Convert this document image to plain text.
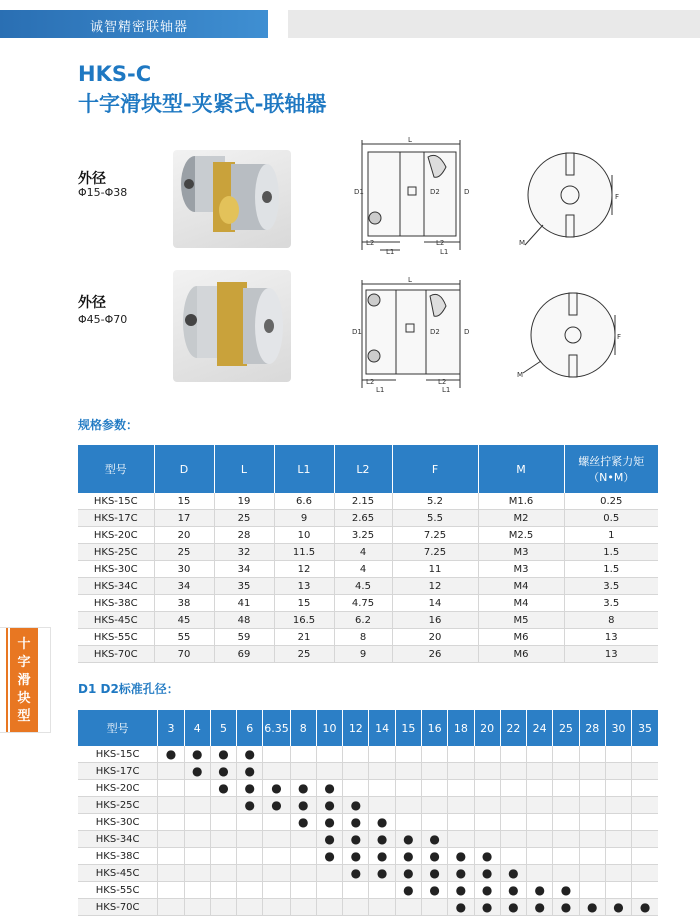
诚智精密联轴器
HKS-C
十字滑块型-夹紧式-联轴器
外径
Φ15-Φ38
L
L2
L1
L2
L1
D1	D2	D
F
M
外径
Φ45-Φ70
L
L2
L1
L2
L1
D1	D2	D
F
M
规格参数：
型号	D	L	L1	L2	F	M	螺丝拧紧力矩
（N•M）

HKS-15C	15	19	6.6	2.15	5.2	M1.6	0.25
HKS-17C	17	25	9	2.65	5.5	M2	0.5
HKS-20C	20	28	10	3.25	7.25	M2.5	1
HKS-25C	25	32	11.5	4	7.25	M3	1.5
HKS-30C	30	34	12	4	11	M3	1.5
HKS-34C	34	35	13	4.5	12	M4	3.5
HKS-38C	38	41	15	4.75	14	M4	3.5
HKS-45C	45	48	16.5	6.2	16	M5	8
HKS-55C	55	59	21	8	20	M6	13
HKS-70C	70	69	25	9	26	M6	13
D1 D2标准孔径：
型号	3	4	5	6	6.35	8	10	12	14	15	16	18	20	22	24	25	28	30	35
HKS-15C	●	●	●	●															
HKS-17C		●	●	●															
HKS-20C			●	●	●	●	●												
HKS-25C				●	●	●	●	●											
HKS-30C						●	●	●	●										
HKS-34C							●	●	●	●	●								
HKS-38C							●	●	●	●	●	●	●						
HKS-45C								●	●	●	●	●	●	●					
HKS-55C										●	●	●	●	●	●	●			
HKS-70C												●	●	●	●	●	●	●	●
十
字
滑
块
型
